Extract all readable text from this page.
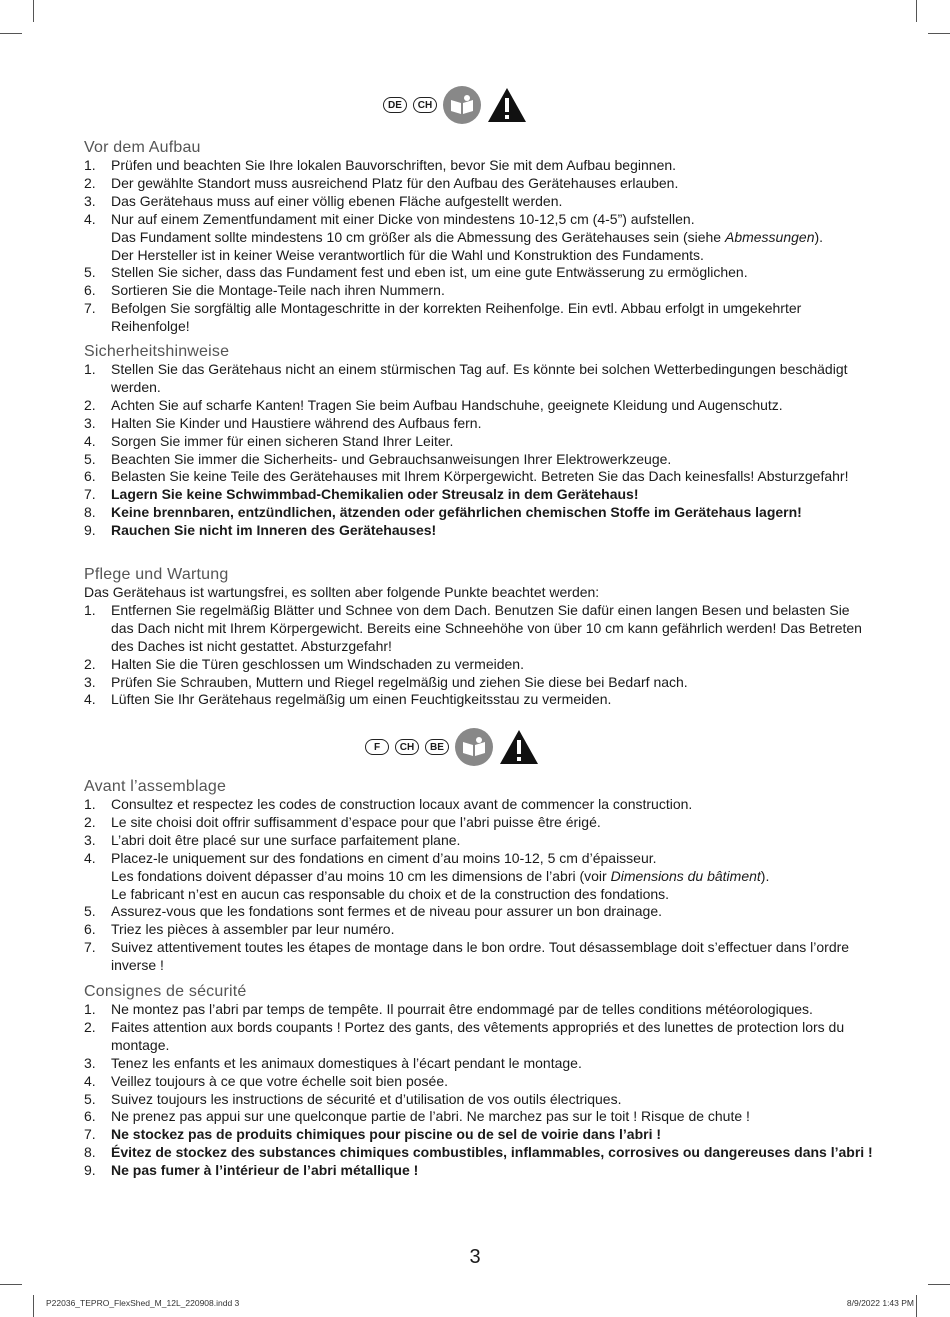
DE	CH
Vor dem Aufbau
1.	Prüfen und beachten Sie Ihre lokalen Bauvorschriften, bevor Sie mit dem Aufbau beginnen.
2.	Der gewählte Standort muss ausreichend Platz für den Aufbau des Gerätehauses erlauben.
3.	Das Gerätehaus muss auf einer völlig ebenen Fläche aufgestellt werden.
4.	Nur auf einem Zementfundament mit einer Dicke von mindestens 10-12,5 cm (4-5”) aufstellen.
Das Fundament sollte mindestens 10 cm größer als die Abmessung des Gerätehauses sein (siehe Abmessungen).
Der Hersteller ist in keiner Weise verantwortlich für die Wahl und Konstruktion des Fundaments.
5.	Stellen Sie sicher, dass das Fundament fest und eben ist, um eine gute Entwässerung zu ermöglichen.
6.	Sortieren Sie die Montage-Teile nach ihren Nummern.
7.	Befolgen Sie sorgfältig alle Montageschritte in der korrekten Reihenfolge. Ein evtl. Abbau erfolgt in umgekehrter Reihenfolge!
Sicherheitshinweise
1.	Stellen Sie das Gerätehaus nicht an einem stürmischen Tag auf. Es könnte bei solchen Wetterbedingungen beschädigt werden.
2.	Achten Sie auf scharfe Kanten! Tragen Sie beim Aufbau Handschuhe, geeignete Kleidung und Augenschutz.
3.	Halten Sie Kinder und Haustiere während des Aufbaus fern.
4.	Sorgen Sie immer für einen sicheren Stand Ihrer Leiter.
5.	Beachten Sie immer die Sicherheits- und Gebrauchsanweisungen Ihrer Elektrowerkzeuge.
6.	Belasten Sie keine Teile des Gerätehauses mit Ihrem Körpergewicht. Betreten Sie das Dach keinesfalls! Absturzgefahr!
7.	Lagern Sie keine Schwimmbad-Chemikalien oder Streusalz in dem Gerätehaus!
8.	Keine brennbaren, entzündlichen, ätzenden oder gefährlichen chemischen Stoffe im Gerätehaus lagern!
9.	Rauchen Sie nicht im Inneren des Gerätehauses!
Pflege und Wartung

Das Gerätehaus ist wartungsfrei, es sollten aber folgende Punkte beachtet werden:

1.	Entfernen Sie regelmäßig Blätter und Schnee von dem Dach. Benutzen Sie dafür einen langen Besen und belasten Sie das Dach nicht mit Ihrem Körpergewicht. Bereits eine Schneehöhe von über 10 cm kann gefährlich werden! Das Betreten des Daches ist nicht gestattet. Absturzgefahr!
2.	Halten Sie die Türen geschlossen um Windschaden zu vermeiden.
3.	Prüfen Sie Schrauben, Muttern und Riegel regelmäßig und ziehen Sie diese bei Bedarf nach.
4.	Lüften Sie Ihr Gerätehaus regelmäßig um einen Feuchtigkeitsstau zu vermeiden.
F	CH	BE
Avant l’assemblage
1.	Consultez et respectez les codes de construction locaux avant de commencer la construction.
2.	Le site choisi doit offrir suffisamment d’espace pour que l’abri puisse être érigé.
3.	L’abri doit être placé sur une surface parfaitement plane.
4.	Placez-le uniquement sur des fondations en ciment d’au moins 10-12, 5 cm d’épaisseur.
Les fondations doivent dépasser d’au moins 10 cm les dimensions de l’abri (voir Dimensions du bâtiment).
Le fabricant n’est en aucun cas responsable du choix et de la construction des fondations.
5.	Assurez-vous que les fondations sont fermes et de niveau pour assurer un bon drainage.
6.	Triez les pièces à assembler par leur numéro.
7.	Suivez attentivement toutes les étapes de montage dans le bon ordre. Tout désassemblage doit s’effectuer dans l’ordre inverse !
Consignes de sécurité
1.	Ne montez pas l’abri par temps de tempête. Il pourrait être endommagé par de telles conditions météorologiques.
2.	Faites attention aux bords coupants ! Portez des gants, des vêtements appropriés et des lunettes de protection lors du montage.
3.	Tenez les enfants et les animaux domestiques à l’écart pendant le montage.
4.	Veillez toujours à ce que votre échelle soit bien posée.
5.	Suivez toujours les instructions de sécurité et d’utilisation de vos outils électriques.
6.	Ne prenez pas appui sur une quelconque partie de l’abri. Ne marchez pas sur le toit ! Risque de chute !
7.	Ne stockez pas de produits chimiques pour piscine ou de sel de voirie dans l’abri !
8.	Évitez de stockez des substances chimiques combustibles, inflammables, corrosives ou dangereuses dans l’abri !
9.	Ne pas fumer à l’intérieur de l’abri métallique !
3
P22036_TEPRO_FlexShed_M_12L_220908.indd 3	8/9/2022 1:43 PM
